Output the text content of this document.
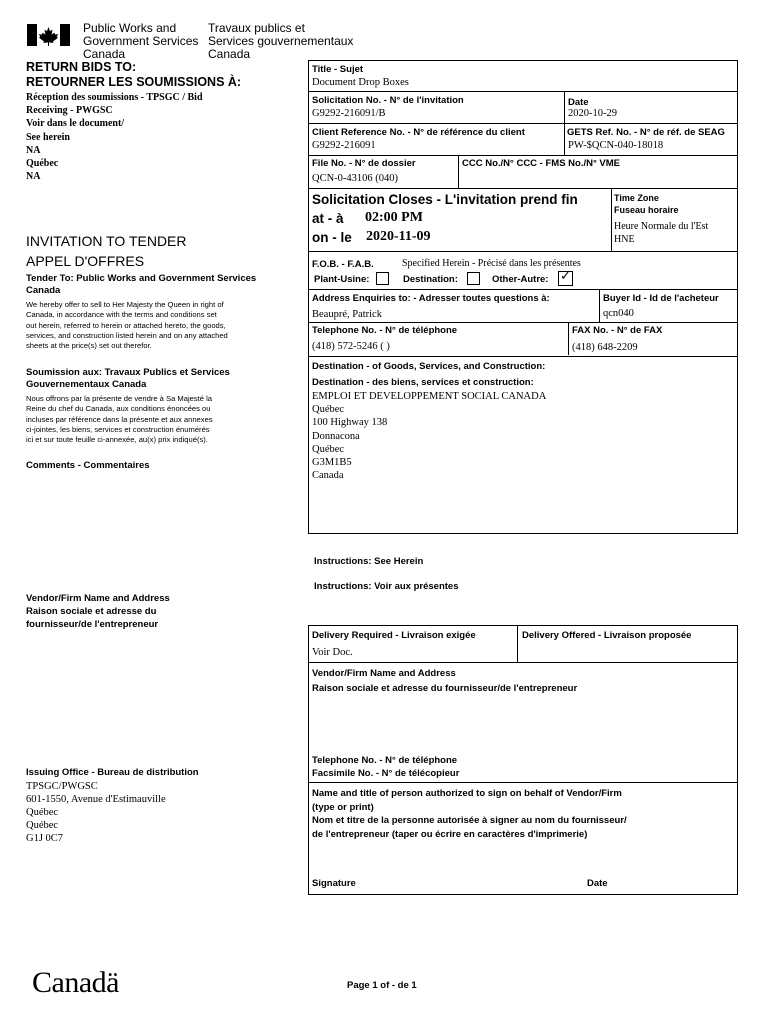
Public Works and
Government Services
Canada
Travaux publics et
Services gouvernementaux
Canada
RETURN BIDS TO:
RETOURNER LES SOUMISSIONS À:
Réception des soumissions - TPSGC / Bid
Receiving - PWGSC
Voir dans le document/
See herein
NA
Québec
NA
INVITATION TO TENDER
APPEL D'OFFRES
Tender To: Public Works and Government Services
Canada
We hereby offer to sell to Her Majesty the Queen in right of
Canada, in accordance with the terms and conditions set
out herein, referred to herein or attached hereto, the goods,
services, and construction listed herein and on any attached
sheets at the price(s) set out therefor.
Soumission aux: Travaux Publics et Services
Gouvernementaux Canada
Nous offrons par la présente de vendre à Sa Majesté la
Reine du chef du Canada, aux conditions énoncées ou
incluses par référence dans la présente et aux annexes
ci-jointes, les biens, services et construction énumérés
ici et sur toute feuille ci-annexée, au(x) prix indiqué(s).
Comments - Commentaires
Vendor/Firm Name and Address
Raison sociale et adresse du
fournisseur/de l'entrepreneur
Issuing Office - Bureau de distribution
TPSGC/PWGSC
601-1550, Avenue d'Estimauville
Québec
Québec
G1J 0C7
Title - Sujet
Document Drop Boxes
Solicitation No. - N° de l'invitation
G9292-216091/B
Date
2020-10-29
Client Reference No. - N° de référence du client
G9292-216091
GETS Ref. No. - N° de réf. de SEAG
PW-$QCN-040-18018
File No. - N° de dossier
QCN-0-43106 (040)
CCC No./N° CCC - FMS No./N° VME
Solicitation Closes - L'invitation prend fin
at - à 02:00 PM
on - le 2020-11-09
Time Zone
Fuseau horaire
Heure Normale du l'Est
HNE
F.O.B. - F.A.B.	Specified Herein - Précisé dans les présentes
Plant-Usine:	Destination:	Other-Autre: ✓
Address Enquiries to: - Adresser toutes questions à:
Beaupré, Patrick
Buyer Id - Id de l'acheteur
qcn040
Telephone No. - N° de téléphone
(418) 572-5246 ( )
FAX No. - N° de FAX
(418) 648-2209
Destination - of Goods, Services, and Construction:
Destination - des biens, services et construction:
EMPLOI ET DEVELOPPEMENT SOCIAL CANADA
Québec
100 Highway 138
Donnacona
Québec
G3M1B5
Canada
Instructions: See Herein
Instructions: Voir aux présentes
Delivery Required - Livraison exigée
Voir Doc.
Delivery Offered - Livraison proposée
Vendor/Firm Name and Address
Raison sociale et adresse du fournisseur/de l'entrepreneur
Telephone No. - N° de téléphone
Facsimile No. - N° de télécopieur
Name and title of person authorized to sign on behalf of Vendor/Firm
(type or print)
Nom et titre de la personne autorisée à signer au nom du fournisseur/
de l'entrepreneur (taper ou écrire en caractères d'imprimerie)
Signature	Date
Canadä	Page 1 of - de 1
